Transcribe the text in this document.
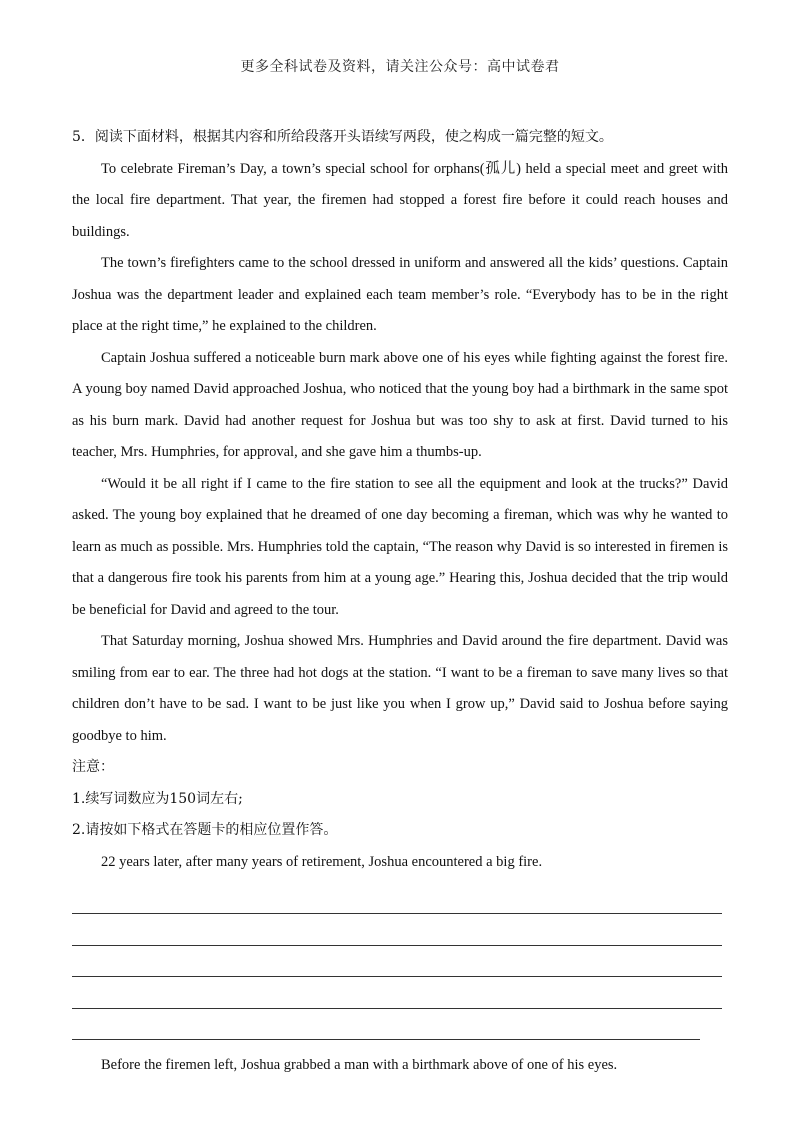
更多全科试卷及资料，请关注公众号：高中试卷君

5．阅读下面材料，根据其内容和所给段落开头语续写两段，使之构成一篇完整的短文。

To celebrate Fireman’s Day, a town’s special school for orphans(孤儿) held a special meet and greet with the local fire department. That year, the firemen had stopped a forest fire before it could reach houses and buildings.

The town’s firefighters came to the school dressed in uniform and answered all the kids’ questions. Captain Joshua was the department leader and explained each team member’s role. “Everybody has to be in the right place at the right time,” he explained to the children.

Captain Joshua suffered a noticeable burn mark above one of his eyes while fighting against the forest fire. A young boy named David approached Joshua, who noticed that the young boy had a birthmark in the same spot as his burn mark. David had another request for Joshua but was too shy to ask at first. David turned to his teacher, Mrs. Humphries, for approval, and she gave him a thumbs-up.

“Would it be all right if I came to the fire station to see all the equipment and look at the trucks?” David asked. The young boy explained that he dreamed of one day becoming a fireman, which was why he wanted to learn as much as possible. Mrs. Humphries told the captain, “The reason why David is so interested in firemen is that a dangerous fire took his parents from him at a young age.” Hearing this, Joshua decided that the trip would be beneficial for David and agreed to the tour.

That Saturday morning, Joshua showed Mrs. Humphries and David around the fire department. David was smiling from ear to ear. The three had hot dogs at the station. “I want to be a fireman to save many lives so that children don’t have to be sad. I want to be just like you when I grow up,” David said to Joshua before saying goodbye to him.

注意：

1.续写词数应为150词左右;

2.请按如下格式在答题卡的相应位置作答。

22 years later, after many years of retirement, Joshua encountered a big fire.

Before the firemen left, Joshua grabbed a man with a birthmark above of one of his eyes.
